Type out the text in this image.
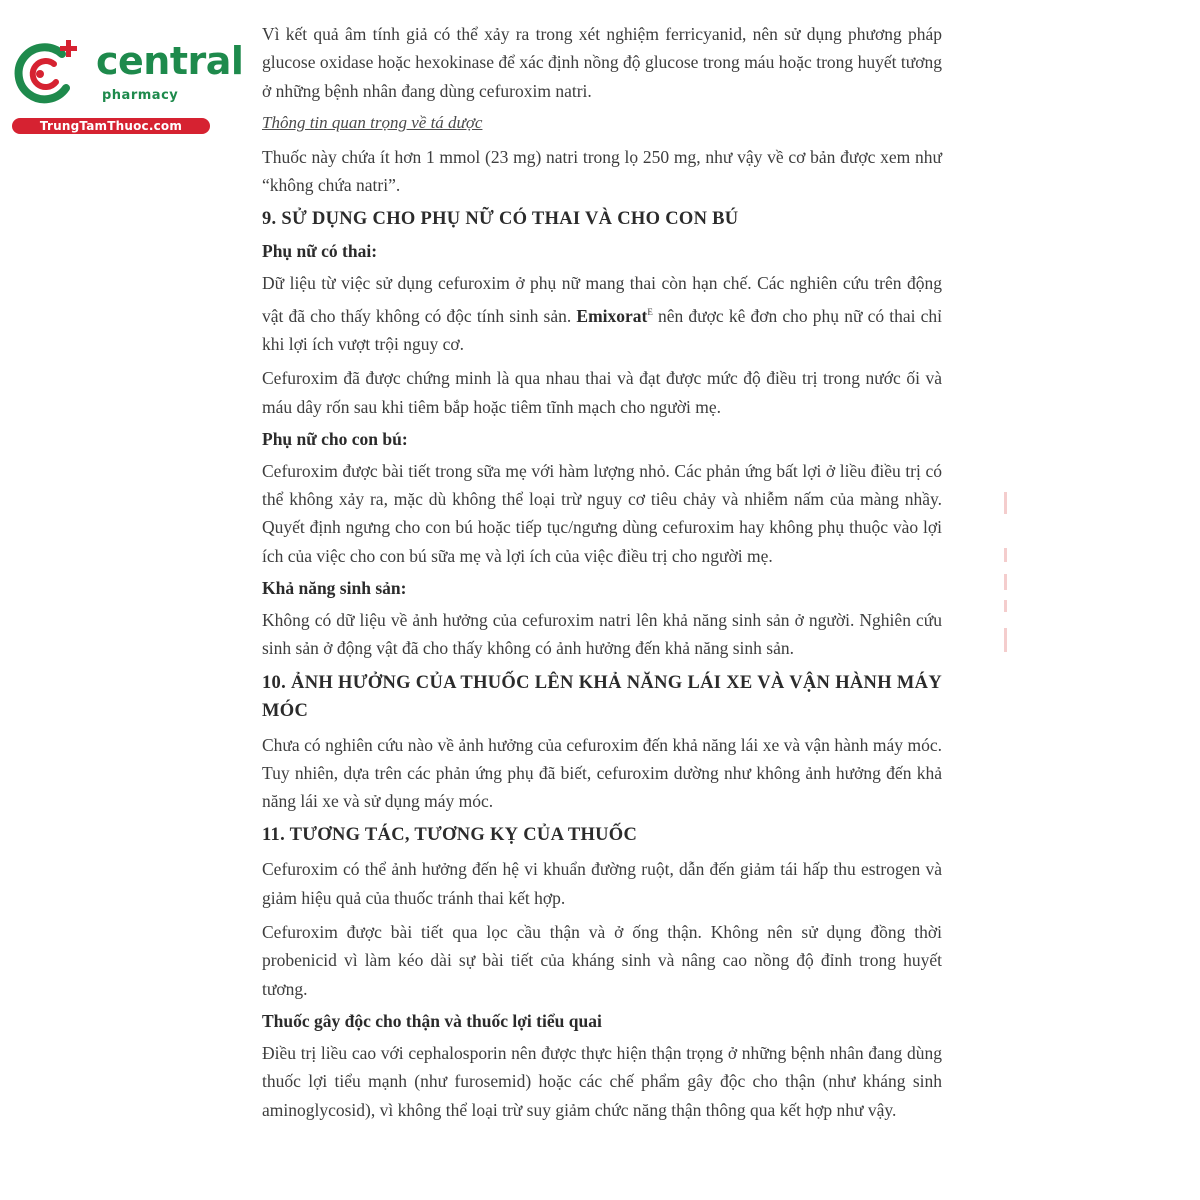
central
pharmacy
TrungTamThuoc.com

Vì kết quả âm tính giả có thể xảy ra trong xét nghiệm ferricyanid, nên sử dụng phương pháp glucose oxidase hoặc hexokinase để xác định nồng độ glucose trong máu hoặc trong huyết tương ở những bệnh nhân đang dùng cefuroxim natri.

Thông tin quan trọng về tá dược

Thuốc này chứa ít hơn 1 mmol (23 mg) natri trong lọ 250 mg, như vậy về cơ bản được xem như “không chứa natri”.

9. SỬ DỤNG CHO PHỤ NỮ CÓ THAI VÀ CHO CON BÚ
Phụ nữ có thai:

Dữ liệu từ việc sử dụng cefuroxim ở phụ nữ mang thai còn hạn chế. Các nghiên cứu trên động vật đã cho thấy không có độc tính sinh sản. Emixorat$^E$ nên được kê đơn cho phụ nữ có thai chỉ khi lợi ích vượt trội nguy cơ.

Cefuroxim đã được chứng minh là qua nhau thai và đạt được mức độ điều trị trong nước ối và máu dây rốn sau khi tiêm bắp hoặc tiêm tĩnh mạch cho người mẹ.

Phụ nữ cho con bú:

Cefuroxim được bài tiết trong sữa mẹ với hàm lượng nhỏ. Các phản ứng bất lợi ở liều điều trị có thể không xảy ra, mặc dù không thể loại trừ nguy cơ tiêu chảy và nhiễm nấm của màng nhầy. Quyết định ngưng cho con bú hoặc tiếp tục/ngưng dùng cefuroxim hay không phụ thuộc vào lợi ích của việc cho con bú sữa mẹ và lợi ích của việc điều trị cho người mẹ.

Khả năng sinh sản:

Không có dữ liệu về ảnh hưởng của cefuroxim natri lên khả năng sinh sản ở người. Nghiên cứu sinh sản ở động vật đã cho thấy không có ảnh hưởng đến khả năng sinh sản.

10. ẢNH HƯỞNG CỦA THUỐC LÊN KHẢ NĂNG LÁI XE VÀ VẬN HÀNH MÁY MÓC

Chưa có nghiên cứu nào về ảnh hưởng của cefuroxim đến khả năng lái xe và vận hành máy móc. Tuy nhiên, dựa trên các phản ứng phụ đã biết, cefuroxim dường như không ảnh hưởng đến khả năng lái xe và sử dụng máy móc.

11. TƯƠNG TÁC, TƯƠNG KỴ CỦA THUỐC

Cefuroxim có thể ảnh hưởng đến hệ vi khuẩn đường ruột, dẫn đến giảm tái hấp thu estrogen và giảm hiệu quả của thuốc tránh thai kết hợp.

Cefuroxim được bài tiết qua lọc cầu thận và ở ống thận. Không nên sử dụng đồng thời probenicid vì làm kéo dài sự bài tiết của kháng sinh và nâng cao nồng độ đỉnh trong huyết tương.

Thuốc gây độc cho thận và thuốc lợi tiểu quai

Điều trị liều cao với cephalosporin nên được thực hiện thận trọng ở những bệnh nhân đang dùng thuốc lợi tiểu mạnh (như furosemid) hoặc các chế phẩm gây độc cho thận (như kháng sinh aminoglycosid), vì không thể loại trừ suy giảm chức năng thận thông qua kết hợp như vậy.
